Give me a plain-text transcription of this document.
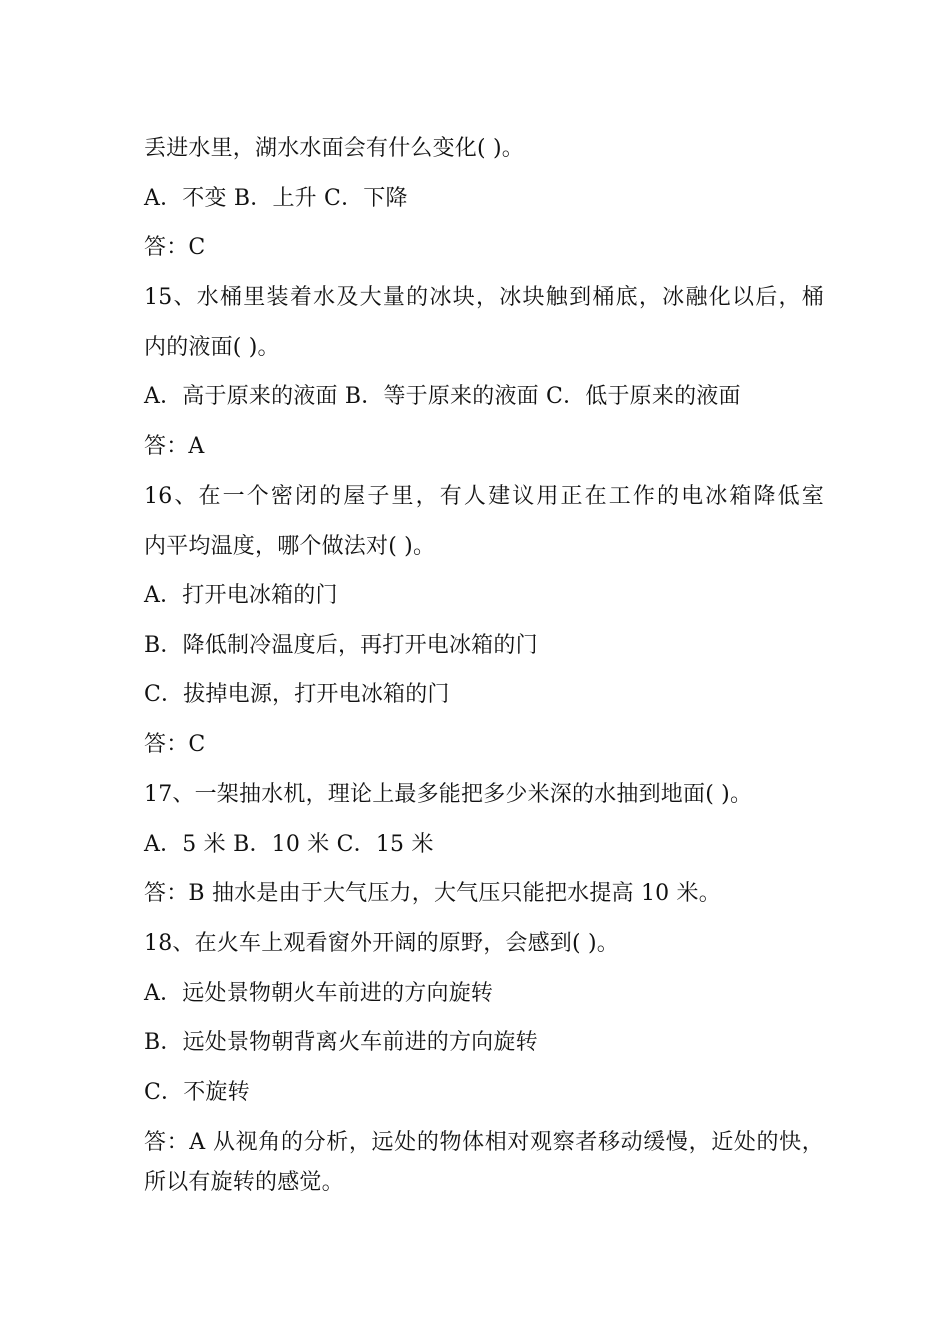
丢进水里，湖水水面会有什么变化( )。
A．不变 B．上升 C．下降
答：C
15、水桶里装着水及大量的冰块，冰块触到桶底，冰融化以后，桶
内的液面( )。
A．高于原来的液面 B．等于原来的液面 C．低于原来的液面
答：A
16、在一个密闭的屋子里，有人建议用正在工作的电冰箱降低室
内平均温度，哪个做法对( )。
A．打开电冰箱的门
B．降低制冷温度后，再打开电冰箱的门
C．拔掉电源，打开电冰箱的门
答：C
17、一架抽水机，理论上最多能把多少米深的水抽到地面( )。
A．5 米 B．10 米 C．15 米
答：B 抽水是由于大气压力，大气压只能把水提高 10 米。
18、在火车上观看窗外开阔的原野，会感到( )。
A．远处景物朝火车前进的方向旋转
B．远处景物朝背离火车前进的方向旋转
C．不旋转
答：A 从视角的分析，远处的物体相对观察者移动缓慢，近处的快，
所以有旋转的感觉。
